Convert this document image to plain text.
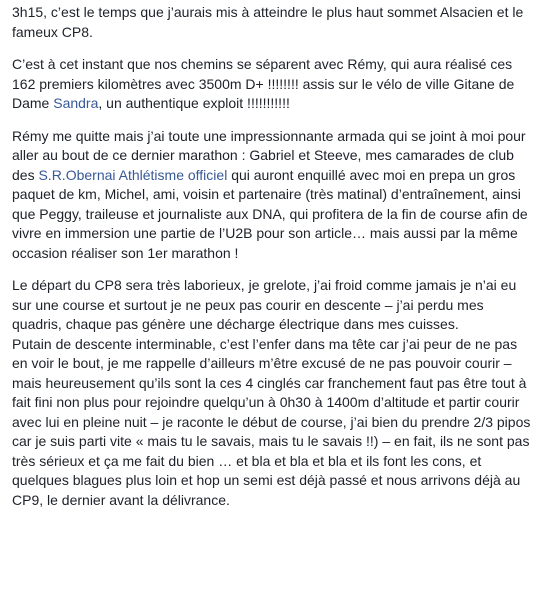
3h15, c’est le temps que j’aurais mis à atteindre le plus haut sommet Alsacien et le fameux CP8.

C’est à cet instant que nos chemins se séparent avec Rémy, qui aura réalisé ces 162 premiers kilomètres avec 3500m D+ !!!!!!!! assis sur le vélo de ville Gitane de Dame Sandra, un authentique exploit !!!!!!!!!!!

Rémy me quitte mais j’ai toute une impressionnante armada qui se joint à moi pour aller au bout de ce dernier marathon : Gabriel et Steeve, mes camarades de club des S.R.Obernai Athlétisme officiel qui auront enquillé avec moi en prepa un gros paquet de km, Michel, ami, voisin et partenaire (très matinal) d’entraînement, ainsi que Peggy, traileuse et journaliste aux DNA, qui profitera de la fin de course afin de vivre en immersion une partie de l’U2B pour son article… mais aussi par la même occasion réaliser son 1er marathon !

Le départ du CP8 sera très laborieux, je grelote, j’ai froid comme jamais je n’ai eu sur une course et surtout je ne peux pas courir en descente – j’ai perdu mes quadris, chaque pas génère une décharge électrique dans mes cuisses.

Putain de descente interminable, c’est l’enfer dans ma tête car j’ai peur de ne pas en voir le bout, je me rappelle d’ailleurs m’être excusé de ne pas pouvoir courir – mais heureusement qu’ils sont la ces 4 cinglés car franchement faut pas être tout à fait fini non plus pour rejoindre quelqu’un à 0h30 à 1400m d’altitude et partir courir avec lui en pleine nuit – je raconte le début de course, j’ai bien du prendre 2/3 pipos car je suis parti vite « mais tu le savais, mais tu le savais !!) – en fait, ils ne sont pas très sérieux et ça me fait du bien … et bla et bla et bla et ils font les cons, et quelques blagues plus loin et hop un semi est déjà passé et nous arrivons déjà au CP9, le dernier avant la délivrance.
